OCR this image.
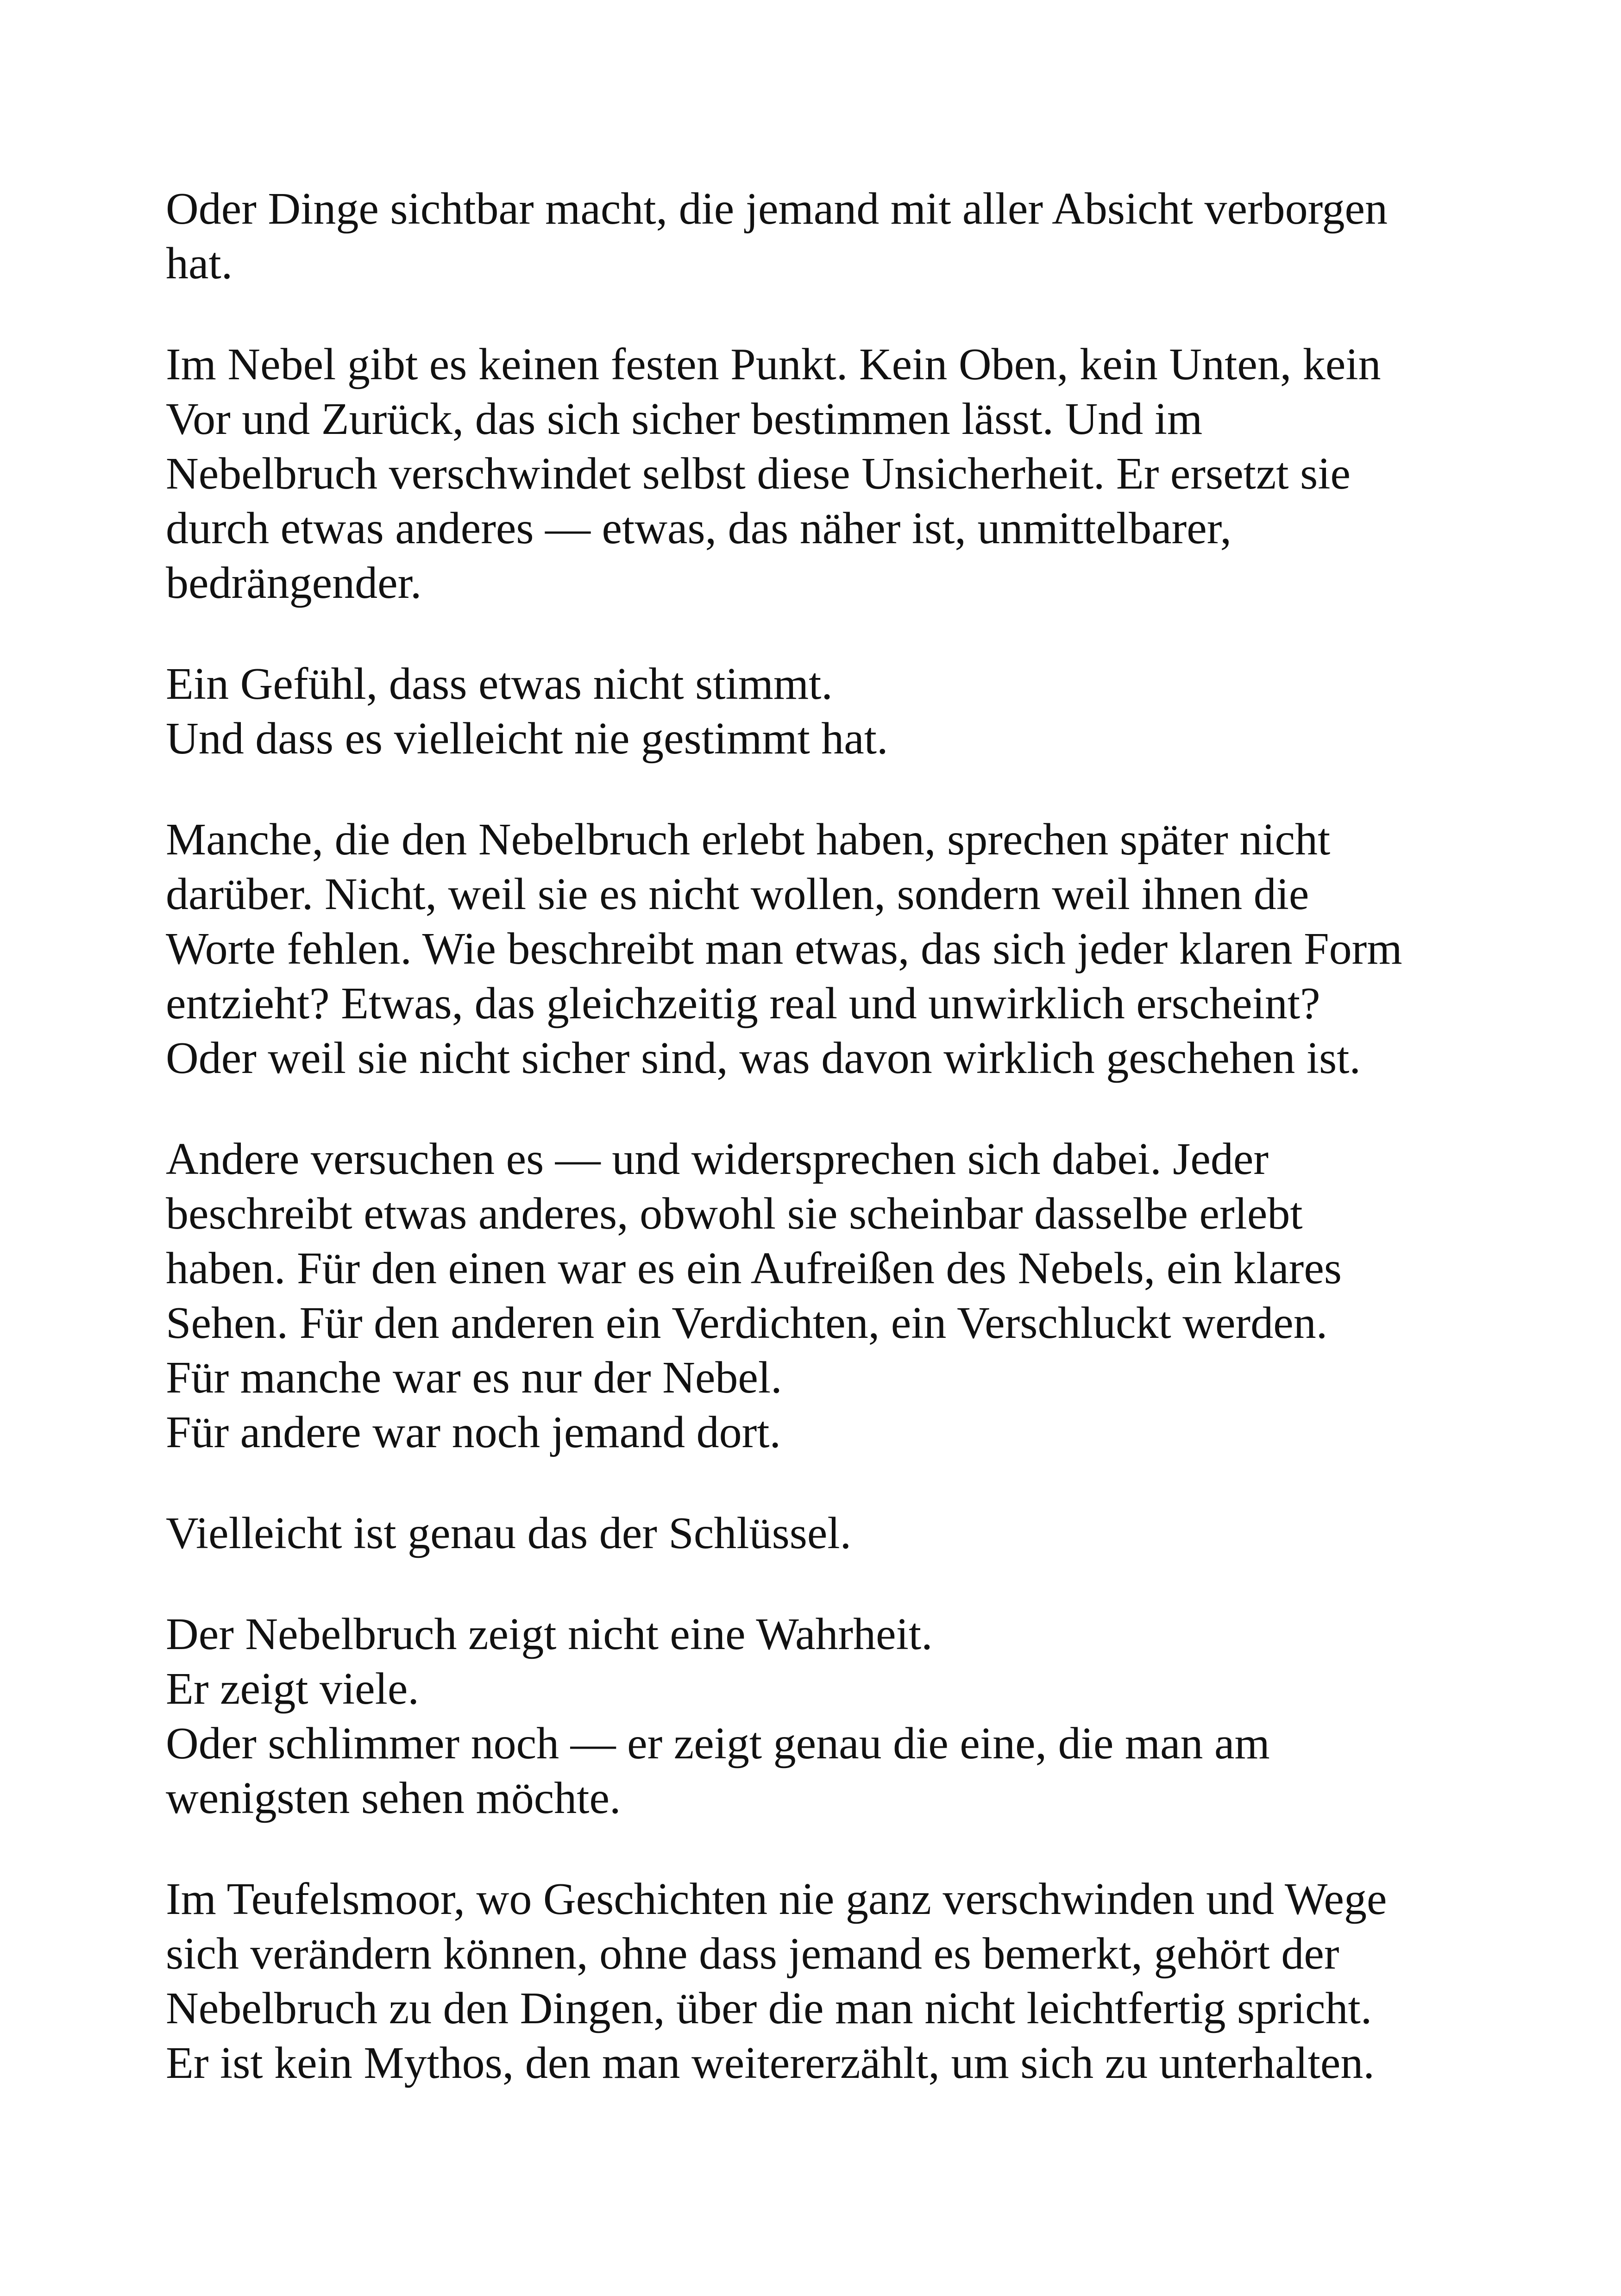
Oder Dinge sichtbar macht, die jemand mit aller Absicht verborgen
hat.

Im Nebel gibt es keinen festen Punkt. Kein Oben, kein Unten, kein
Vor und Zurück, das sich sicher bestimmen lässt. Und im
Nebelbruch verschwindet selbst diese Unsicherheit. Er ersetzt sie
durch etwas anderes — etwas, das näher ist, unmittelbarer,
bedrängender.

Ein Gefühl, dass etwas nicht stimmt.
Und dass es vielleicht nie gestimmt hat.

Manche, die den Nebelbruch erlebt haben, sprechen später nicht
darüber. Nicht, weil sie es nicht wollen, sondern weil ihnen die
Worte fehlen. Wie beschreibt man etwas, das sich jeder klaren Form
entzieht? Etwas, das gleichzeitig real und unwirklich erscheint?
Oder weil sie nicht sicher sind, was davon wirklich geschehen ist.

Andere versuchen es — und widersprechen sich dabei. Jeder
beschreibt etwas anderes, obwohl sie scheinbar dasselbe erlebt
haben. Für den einen war es ein Aufreißen des Nebels, ein klares
Sehen. Für den anderen ein Verdichten, ein Verschluckt werden.
Für manche war es nur der Nebel.
Für andere war noch jemand dort.

Vielleicht ist genau das der Schlüssel.

Der Nebelbruch zeigt nicht eine Wahrheit.
Er zeigt viele.
Oder schlimmer noch — er zeigt genau die eine, die man am
wenigsten sehen möchte.

Im Teufelsmoor, wo Geschichten nie ganz verschwinden und Wege
sich verändern können, ohne dass jemand es bemerkt, gehört der
Nebelbruch zu den Dingen, über die man nicht leichtfertig spricht.
Er ist kein Mythos, den man weitererzählt, um sich zu unterhalten.
